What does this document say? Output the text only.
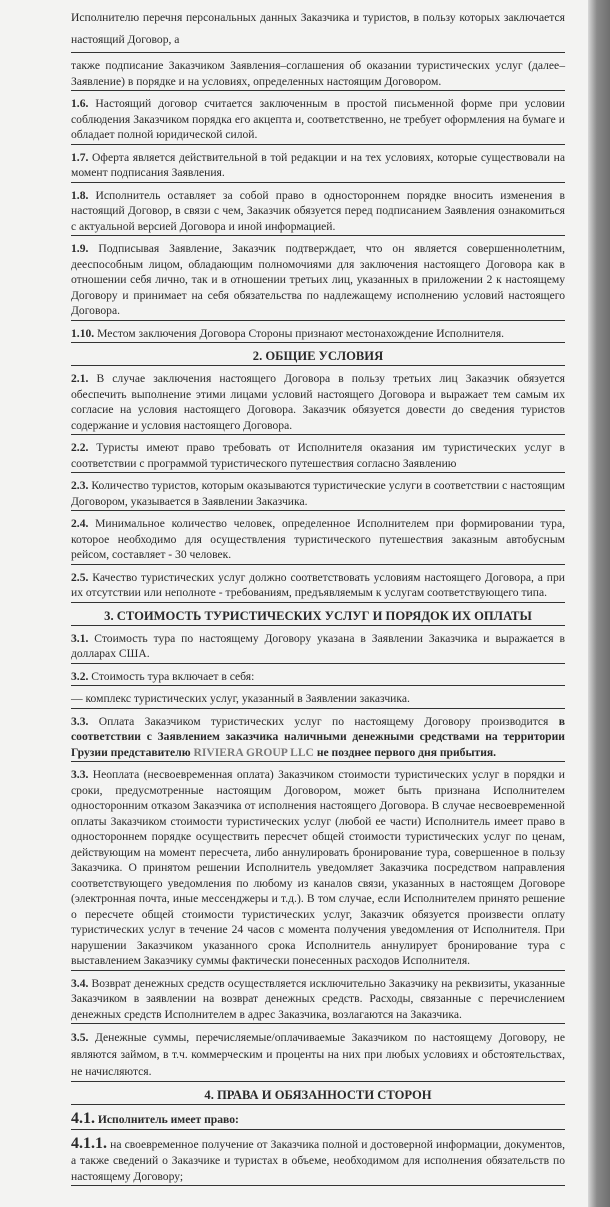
Исполнителю перечня персональных данных Заказчика и туристов, в пользу которых заключается настоящий Договор, а
также подписание Заказчиком Заявления–соглашения об оказании туристических услуг (далее–Заявление) в порядке и на условиях, определенных настоящим Договором.
1.6. Настоящий договор считается заключенным в простой письменной форме при условии соблюдения Заказчиком порядка его акцепта и, соответственно, не требует оформления на бумаге и обладает полной юридической силой.
1.7. Оферта является действительной в той редакции и на тех условиях, которые существовали на момент подписания Заявления.
1.8. Исполнитель оставляет за собой право в одностороннем порядке вносить изменения в настоящий Договор, в связи с чем, Заказчик обязуется перед подписанием Заявления ознакомиться с актуальной версией Договора и иной информацией.
1.9. Подписывая Заявление, Заказчик подтверждает, что он является совершеннолетним, дееспособным лицом, обладающим полномочиями для заключения настоящего Договора как в отношении себя лично, так и в отношении третьих лиц, указанных в приложении 2 к настоящему Договору и принимает на себя обязательства по надлежащему исполнению условий настоящего Договора.
1.10. Местом заключения Договора Стороны признают местонахождение Исполнителя.
2. ОБЩИЕ УСЛОВИЯ
2.1. В случае заключения настоящего Договора в пользу третьих лиц Заказчик обязуется обеспечить выполнение этими лицами условий настоящего Договора и выражает тем самым их согласие на условия настоящего Договора. Заказчик обязуется довести до сведения туристов содержание и условия настоящего Договора.
2.2. Туристы имеют право требовать от Исполнителя оказания им туристических услуг в соответствии с программой туристического путешествия согласно Заявлению
2.3. Количество туристов, которым оказываются туристические услуги в соответствии с настоящим Договором, указывается в Заявлении Заказчика.
2.4. Минимальное количество человек, определенное Исполнителем при формировании тура, которое необходимо для осуществления туристического путешествия заказным автобусным рейсом, составляет - 30 человек.
2.5. Качество туристических услуг должно соответствовать условиям настоящего Договора, а при их отсутствии или неполноте - требованиям, предъявляемым к услугам соответствующего типа.
3. СТОИМОСТЬ ТУРИСТИЧЕСКИХ УСЛУГ И ПОРЯДОК ИХ ОПЛАТЫ
3.1. Стоимость тура по настоящему Договору указана в Заявлении Заказчика и выражается в долларах США.
3.2. Стоимость тура включает в себя:
— комплекс туристических услуг, указанный в Заявлении заказчика.
3.3. Оплата Заказчиком туристических услуг по настоящему Договору производится в соответствии с Заявлением заказчика наличными денежными средствами на территории Грузии представителю RIVIERA GROUP LLC не позднее первого дня прибытия.
3.3. Неоплата (несвоевременная оплата) Заказчиком стоимости туристических услуг в порядки и сроки, предусмотренные настоящим Договором, может быть признана Исполнителем односторонним отказом Заказчика от исполнения настоящего Договора. В случае несвоевременной оплаты Заказчиком стоимости туристических услуг (любой ее части) Исполнитель имеет право в одностороннем порядке осуществить пересчет общей стоимости туристических услуг по ценам, действующим на момент пересчета, либо аннулировать бронирование тура, совершенное в пользу Заказчика. О принятом решении Исполнитель уведомляет Заказчика посредством направления соответствующего уведомления по любому из каналов связи, указанных в настоящем Договоре (электронная почта, иные мессенджеры и т.д.). В том случае, если Исполнителем принято решение о пересчете общей стоимости туристических услуг, Заказчик обязуется произвести оплату туристических услуг в течение 24 часов с момента получения уведомления от Исполнителя. При нарушении Заказчиком указанного срока Исполнитель аннулирует бронирование тура с выставлением Заказчику суммы фактически понесенных расходов Исполнителя.
3.4. Возврат денежных средств осуществляется исключительно Заказчику на реквизиты, указанные Заказчиком в заявлении на возврат денежных средств. Расходы, связанные с перечислением денежных средств Исполнителем в адрес Заказчика, возлагаются на Заказчика.
3.5. Денежные суммы, перечисляемые/оплачиваемые Заказчиком по настоящему Договору, не являются займом, в т.ч. коммерческим и проценты на них при любых условиях и обстоятельствах, не начисляются.
4. ПРАВА И ОБЯЗАННОСТИ СТОРОН
4.1. Исполнитель имеет право:
4.1.1. на своевременное получение от Заказчика полной и достоверной информации, документов, а также сведений о Заказчике и туристах в объеме, необходимом для исполнения обязательств по настоящему Договору;
